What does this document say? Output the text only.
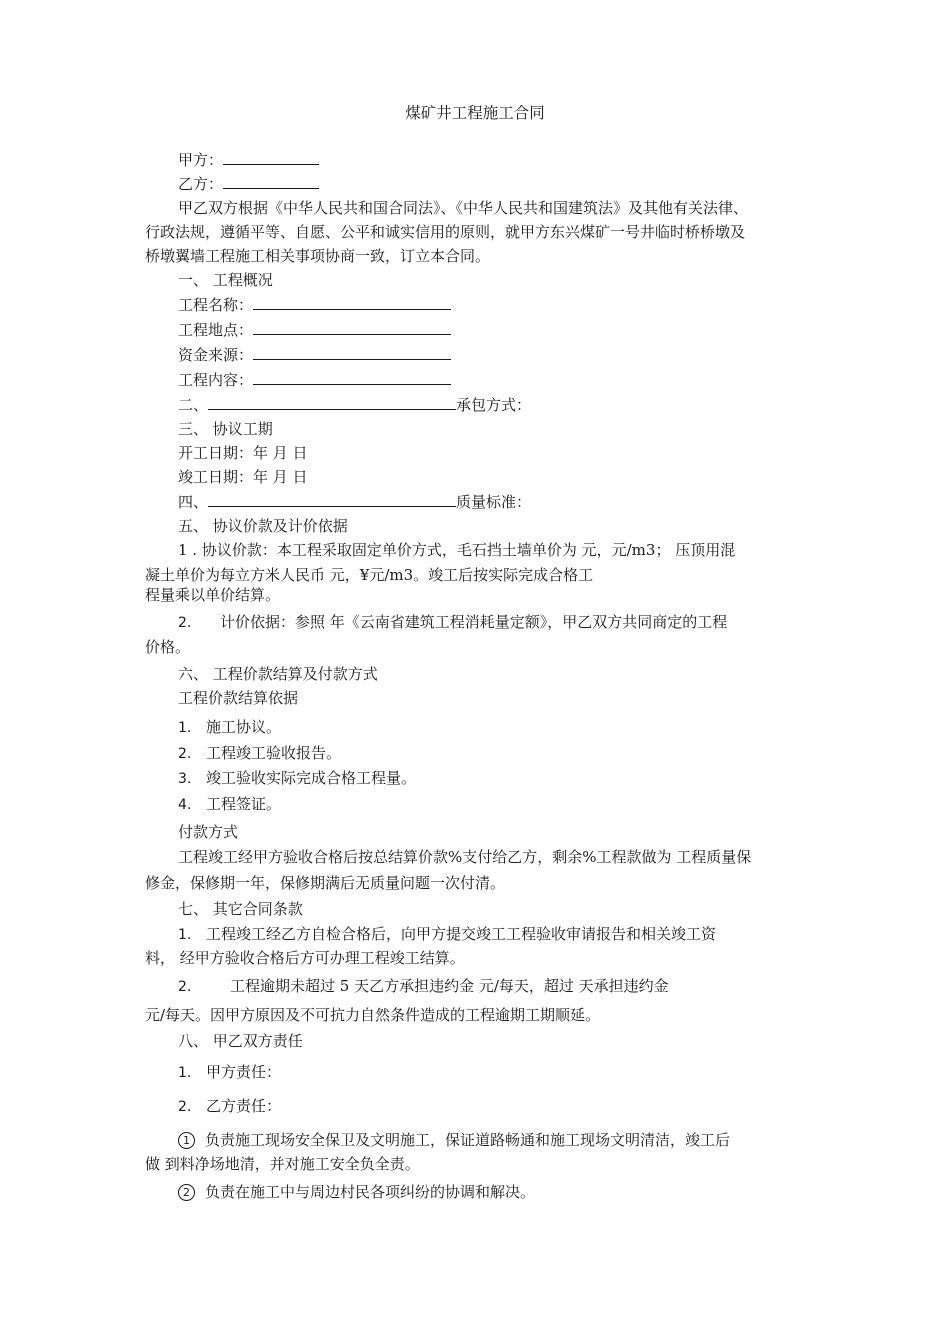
煤矿井工程施工合同
甲方：
乙方：
甲乙双方根据《中华人民共和国合同法》、《中华人民共和国建筑法》及其他有关法律、
行政法规，遵循平等、自愿、公平和诚实信用的原则，就甲方东兴煤矿一号井临时桥桥墩及
桥墩翼墙工程施工相关事项协商一致，订立本合同。
一、 工程概况
工程名称：
工程地点：
资金来源：
工程内容：
二、	承包方式：
三、 协议工期
开工日期：年 月 日
竣工日期：年 月 日
四、	质量标准：
五、 协议价款及计价依据
1 . 协议价款：本工程采取固定单价方式，毛石挡土墙单价为 元，元/m3； 压顶用混
凝土单价为每立方米人民币 元，¥元/m3。竣工后按实际完成合格工
程量乘以单价结算。
2. 计价依据：参照 年《云南省建筑工程消耗量定额》，甲乙双方共同商定的工程
价格。
六、 工程价款结算及付款方式
工程价款结算依据
1. 施工协议。
2. 工程竣工验收报告。
3. 竣工验收实际完成合格工程量。
4. 工程签证。
付款方式
工程竣工经甲方验收合格后按总结算价款%支付给乙方，剩余%工程款做为 工程质量保
修金，保修期一年，保修期满后无质量问题一次付清。
七、 其它合同条款
1. 工程竣工经乙方自检合格后，向甲方提交竣工工程验收审请报告和相关竣工资
料， 经甲方验收合格后方可办理工程竣工结算。
2.	工程逾期未超过 5 天乙方承担违约金 元/每天，超过 天承担违约金
元/每天。因甲方原因及不可抗力自然条件造成的工程逾期工期顺延。
八、 甲乙双方责任
1. 甲方责任：
2. 乙方责任：
1 负责施工现场安全保卫及文明施工，保证道路畅通和施工现场文明清洁，竣工后
做 到料净场地清，并对施工安全负全责。
2 负责在施工中与周边村民各项纠纷的协调和解决。
